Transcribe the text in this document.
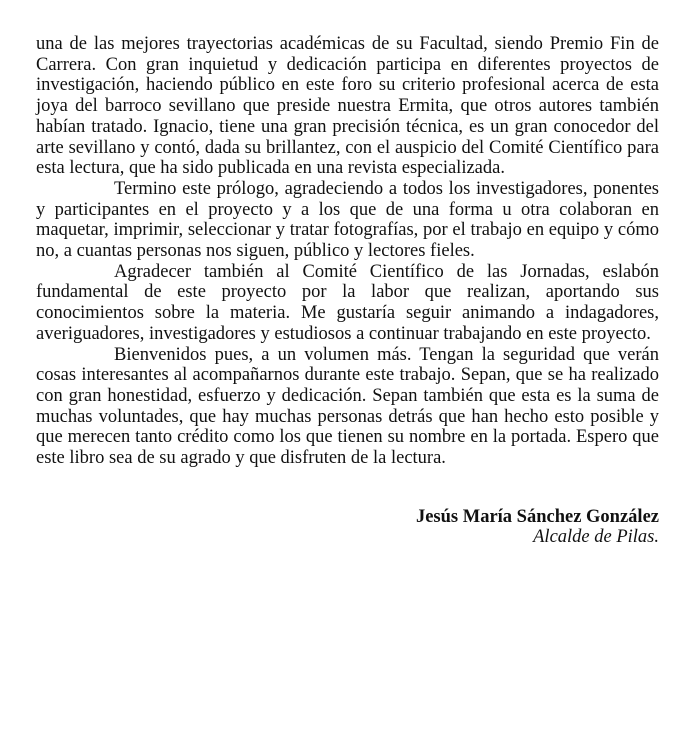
una de las mejores trayectorias académicas de su Facultad, siendo Premio Fin de Carrera. Con gran inquietud y dedicación participa en diferentes proyectos de investigación, haciendo público en este foro su criterio profesional acerca de esta joya del barroco sevillano que preside nuestra Ermita, que otros autores también habían tratado. Ignacio, tiene una gran precisión técnica, es un gran conocedor del arte sevillano y contó, dada su brillantez, con el auspicio del Comité Científico para esta lectura, que ha sido publicada en una revista especializada.

Termino este prólogo, agradeciendo a todos los investigadores, ponentes y participantes en el proyecto y a los que de una forma u otra colaboran en maquetar, imprimir, seleccionar y tratar fotografías, por el trabajo en equipo y cómo no, a cuantas personas nos siguen, público y lectores fieles.

Agradecer también al Comité Científico de las Jornadas, eslabón fundamental de este proyecto por la labor que realizan, aportando sus conocimientos sobre la materia. Me gustaría seguir animando a indagadores, averiguadores, investigadores y estudiosos a continuar trabajando en este proyecto.

Bienvenidos pues, a un volumen más. Tengan la seguridad que verán cosas interesantes al acompañarnos durante este trabajo. Sepan, que se ha realizado con gran honestidad, esfuerzo y dedicación. Sepan también que esta es la suma de muchas voluntades, que hay muchas personas detrás que han hecho esto posible y que merecen tanto crédito como los que tienen su nombre en la portada. Espero que este libro sea de su agrado y que disfruten de la lectura.

Jesús María Sánchez González
Alcalde de Pilas.
